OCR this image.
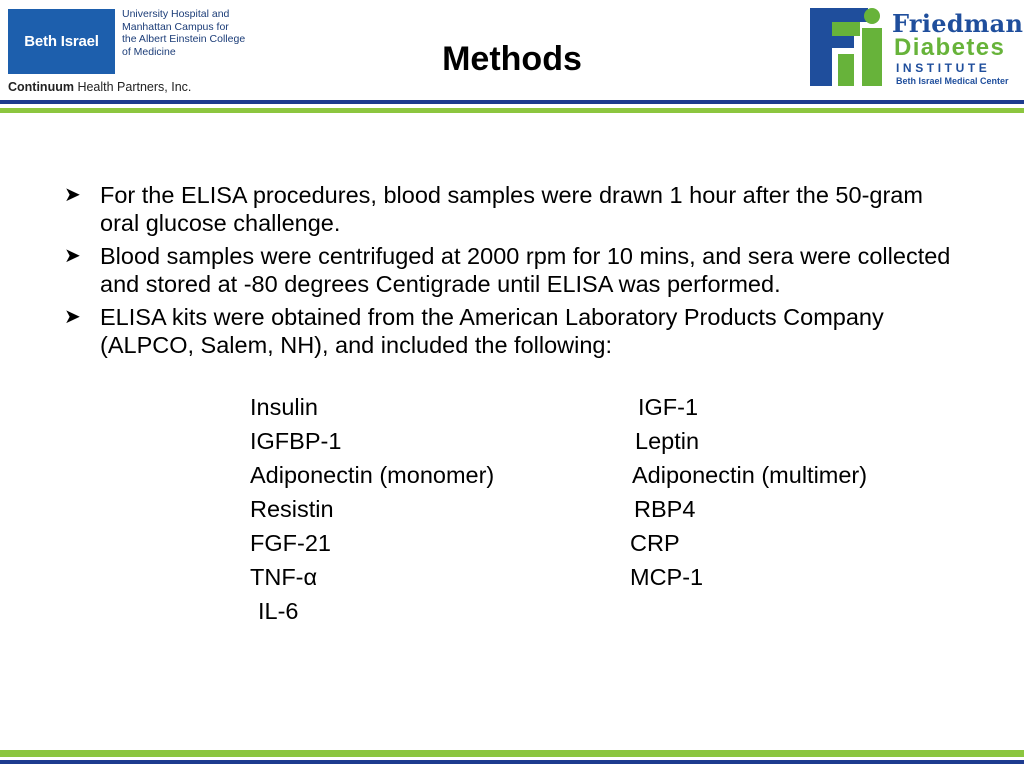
Beth Israel
University Hospital and
Manhattan Campus for
the Albert Einstein College
of Medicine
Continuum Health Partners, Inc.
Methods
Friedman
Diabetes
INSTITUTE
Beth Israel Medical Center
➤ For the ELISA procedures, blood samples were drawn 1 hour after the 50-gram oral glucose challenge.
➤ Blood samples were centrifuged at 2000 rpm for 10 mins, and sera were collected and stored at -80 degrees Centigrade until ELISA was performed.
➤ ELISA kits were obtained from the American Laboratory Products Company (ALPCO, Salem, NH), and included the following:
Insulin
IGFBP-1
Adiponectin (monomer)
Resistin
FGF-21
TNF-α
IL-6
IGF-1
Leptin
Adiponectin (multimer)
RBP4
CRP
MCP-1
